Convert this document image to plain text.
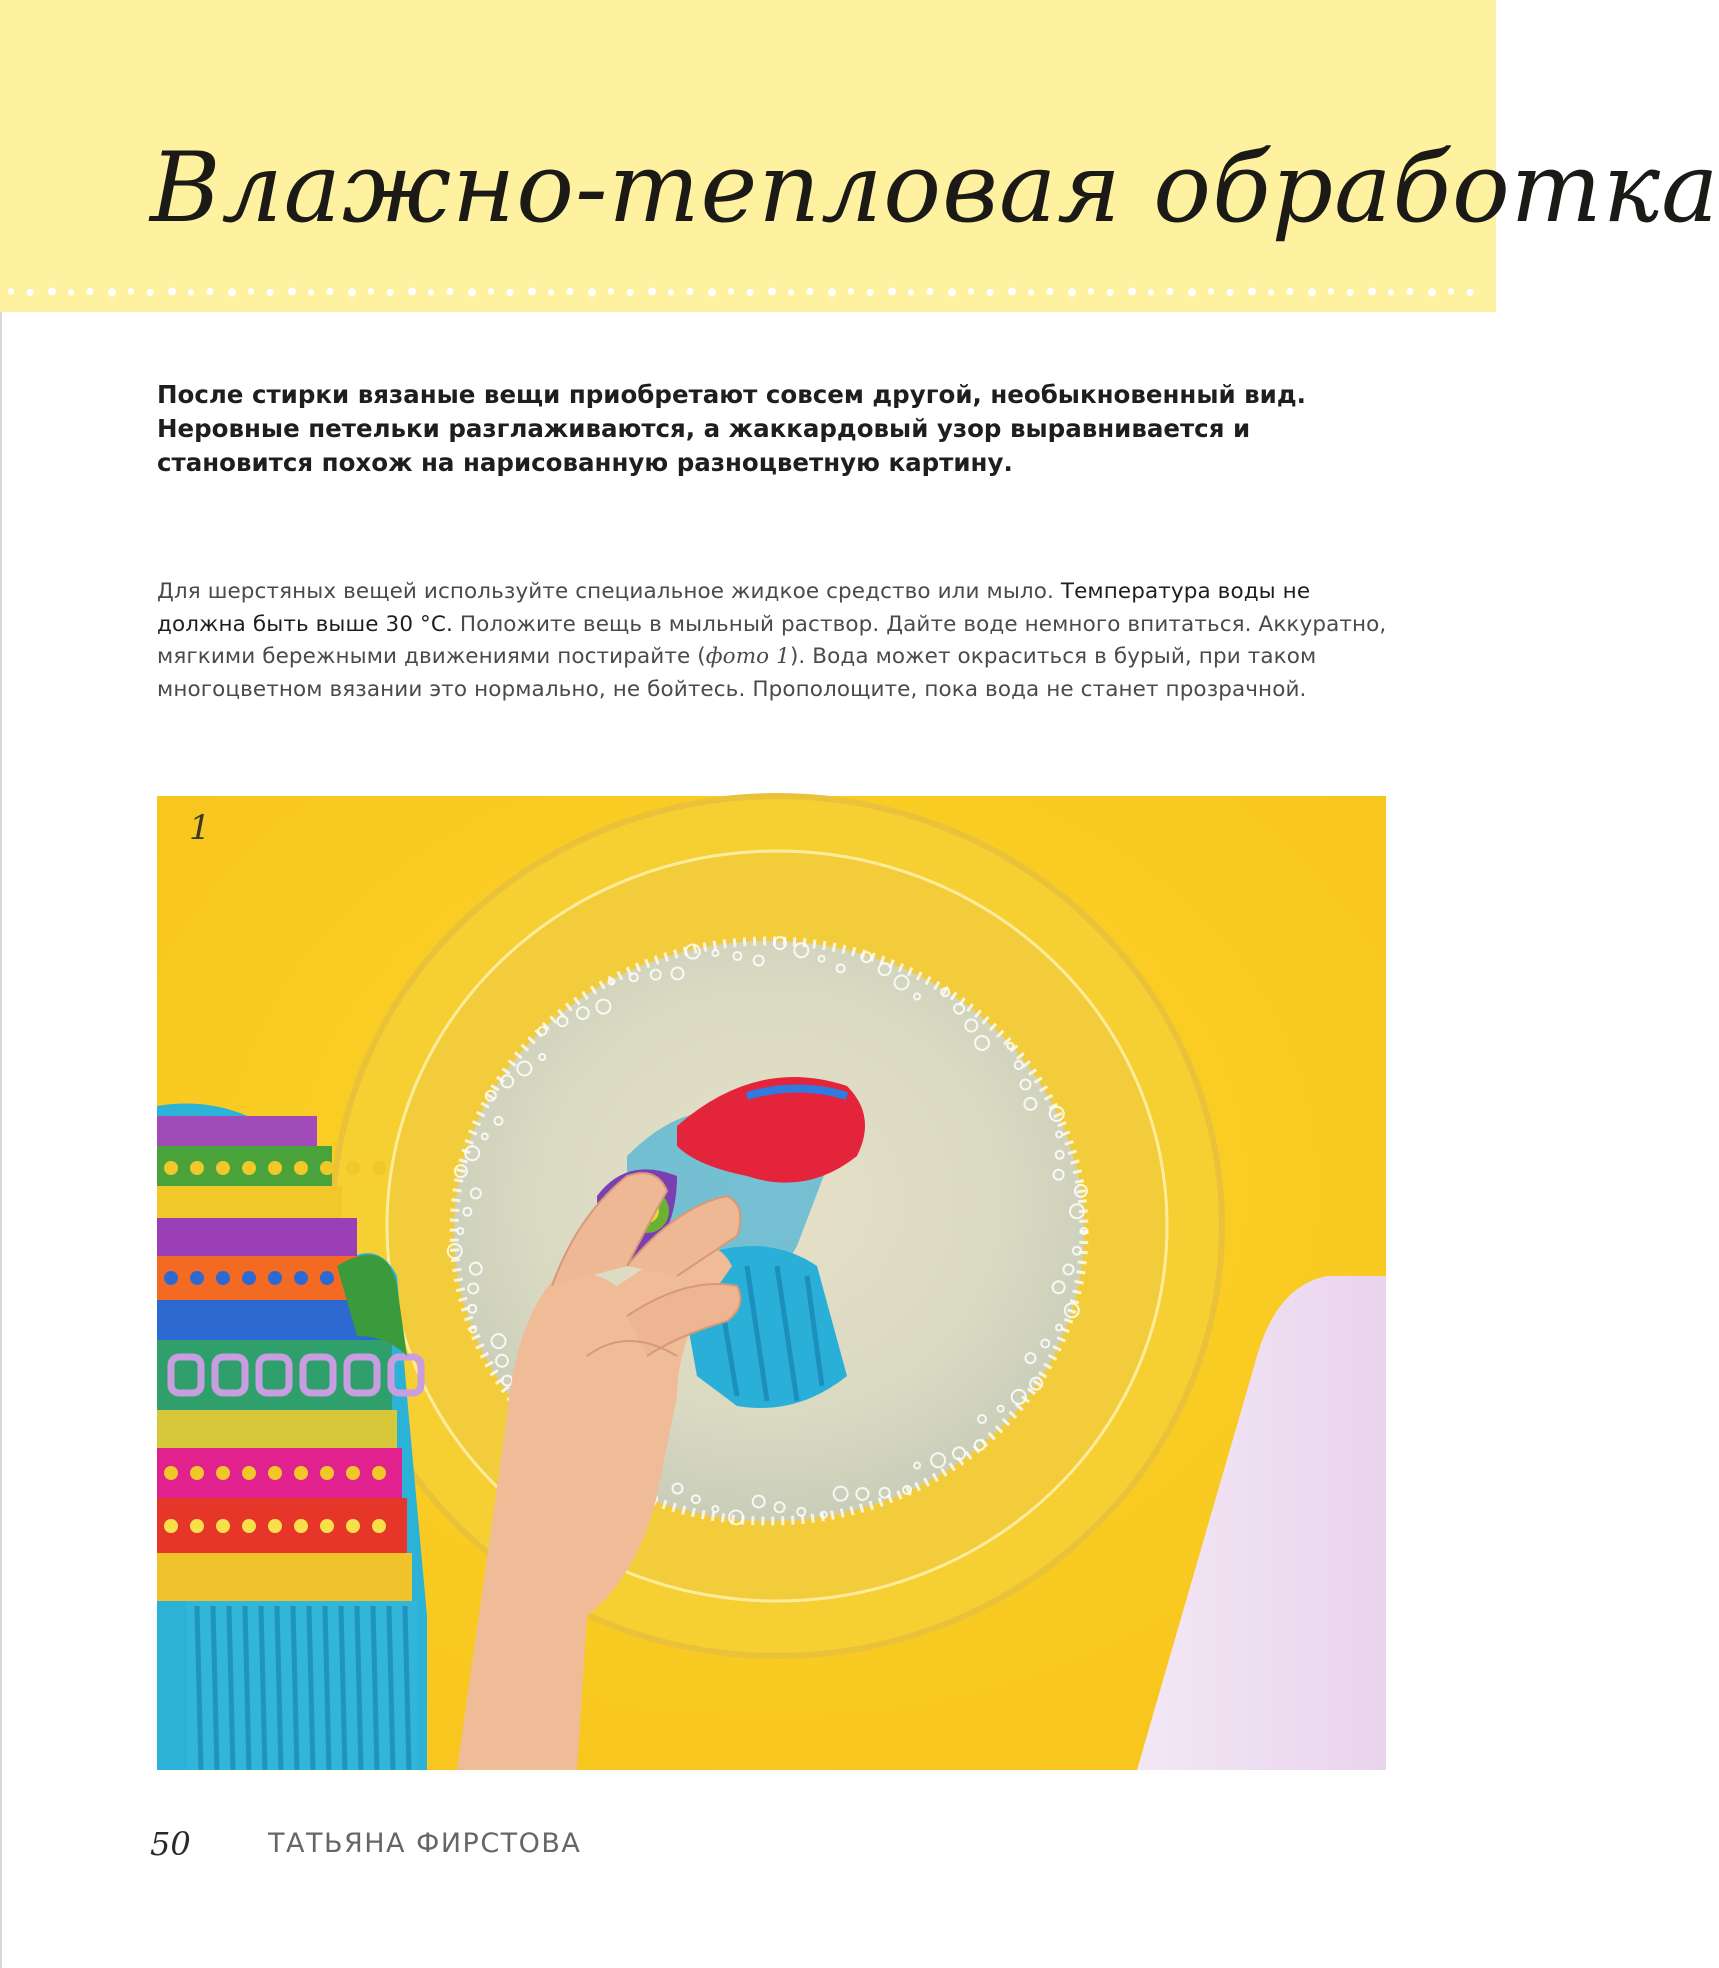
Влажно-тепловая обработка

После стирки вязаные вещи приобретают совсем другой, необыкновенный вид. Неровные петельки разглаживаются, а жаккардовый узор выравнивается и становится похож на нарисованную разноцветную картину.

Для шерстяных вещей используйте специальное жидкое средство или мыло. Температура воды не должна быть выше 30 °C. Положите вещь в мыльный раствор. Дайте воде немного впитаться. Аккуратно, мягкими бережными движениями постирайте (фото 1). Вода может окраситься в бурый, при таком многоцветном вязании это нормально, не бойтесь. Прополощите, пока вода не станет прозрачной.

1
50	ТАТЬЯНА ФИРСТОВА
